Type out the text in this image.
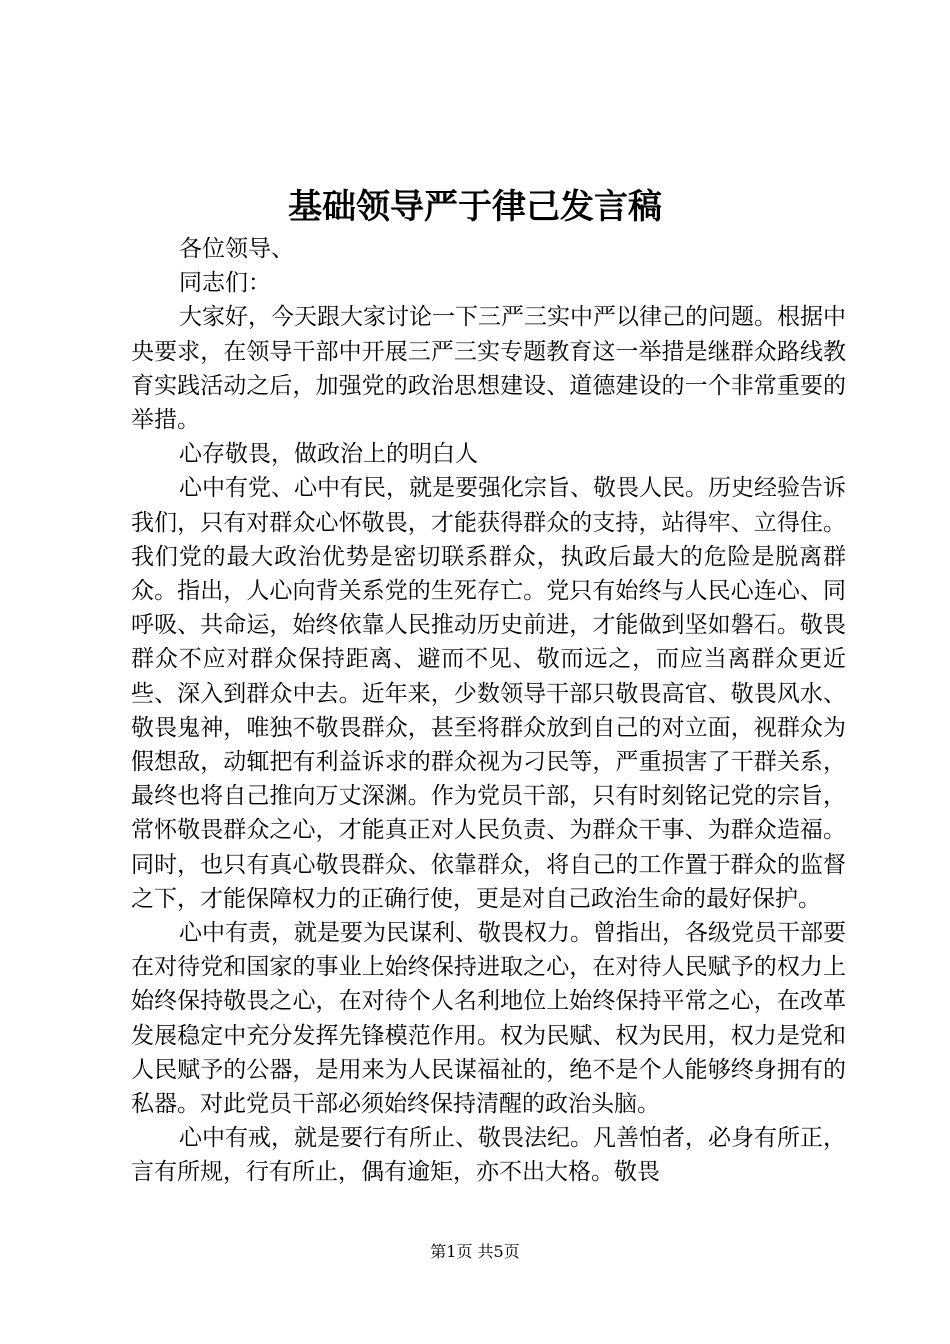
基础领导严于律己发言稿

各位领导、

同志们：

大家好，今天跟大家讨论一下三严三实中严以律己的问题。根据中央要求，在领导干部中开展三严三实专题教育这一举措是继群众路线教育实践活动之后，加强党的政治思想建设、道德建设的一个非常重要的举措。

心存敬畏，做政治上的明白人

心中有党、心中有民，就是要强化宗旨、敬畏人民。历史经验告诉我们，只有对群众心怀敬畏，才能获得群众的支持，站得牢、立得住。我们党的最大政治优势是密切联系群众，执政后最大的危险是脱离群众。指出，人心向背关系党的生死存亡。党只有始终与人民心连心、同呼吸、共命运，始终依靠人民推动历史前进，才能做到坚如磐石。敬畏群众不应对群众保持距离、避而不见、敬而远之，而应当离群众更近些、深入到群众中去。近年来，少数领导干部只敬畏高官、敬畏风水、敬畏鬼神，唯独不敬畏群众，甚至将群众放到自己的对立面，视群众为假想敌，动辄把有利益诉求的群众视为刁民等，严重损害了干群关系，最终也将自己推向万丈深渊。作为党员干部，只有时刻铭记党的宗旨，常怀敬畏群众之心，才能真正对人民负责、为群众干事、为群众造福。同时，也只有真心敬畏群众、依靠群众，将自己的工作置于群众的监督之下，才能保障权力的正确行使，更是对自己政治生命的最好保护。

心中有责，就是要为民谋利、敬畏权力。曾指出，各级党员干部要在对待党和国家的事业上始终保持进取之心，在对待人民赋予的权力上始终保持敬畏之心，在对待个人名利地位上始终保持平常之心，在改革发展稳定中充分发挥先锋模范作用。权为民赋、权为民用，权力是党和人民赋予的公器，是用来为人民谋福祉的，绝不是个人能够终身拥有的私器。对此党员干部必须始终保持清醒的政治头脑。

心中有戒，就是要行有所止、敬畏法纪。凡善怕者，必身有所正，言有所规，行有所止，偶有逾矩，亦不出大格。敬畏

第1页 共5页
